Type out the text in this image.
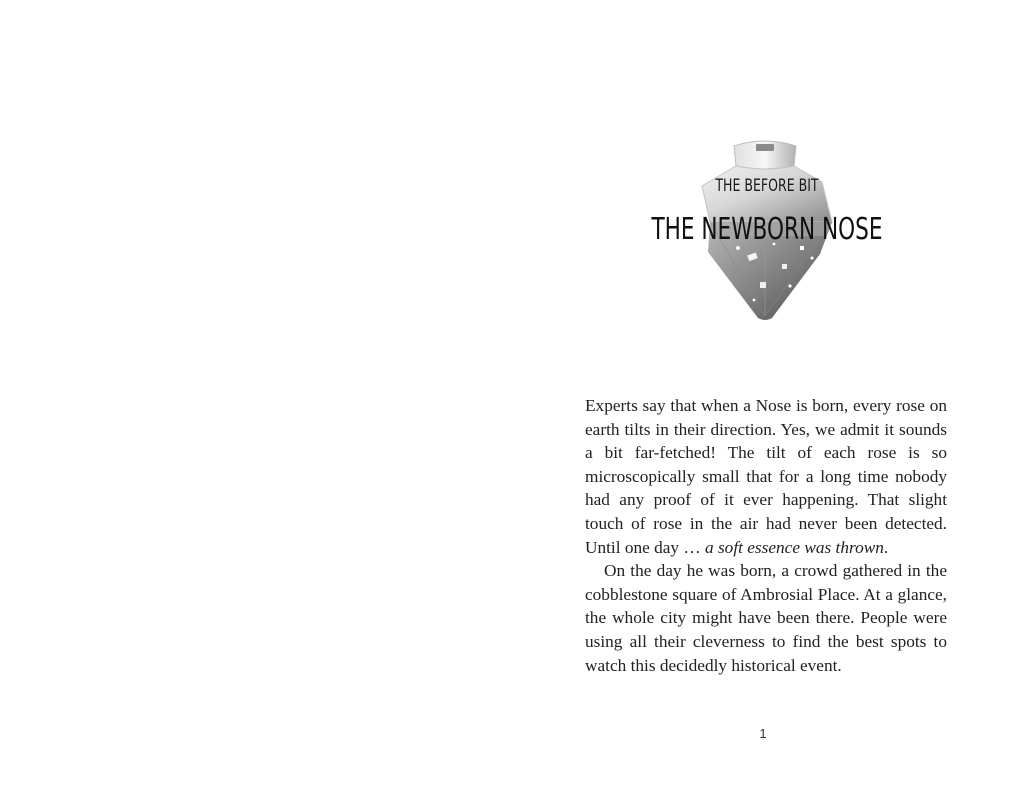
THE BEFORE BIT
THE NEWBORN NOSE

Experts say that when a Nose is born, every rose on earth tilts in their direction. Yes, we admit it sounds a bit far-fetched! The tilt of each rose is so microscopically small that for a long time nobody had any proof of it ever happening. That slight touch of rose in the air had never been detected. Until one day … a soft essence was thrown.

On the day he was born, a crowd gathered in the cobblestone square of Ambrosial Place. At a glance, the whole city might have been there. People were using all their cleverness to find the best spots to watch this decidedly historical event.

1
